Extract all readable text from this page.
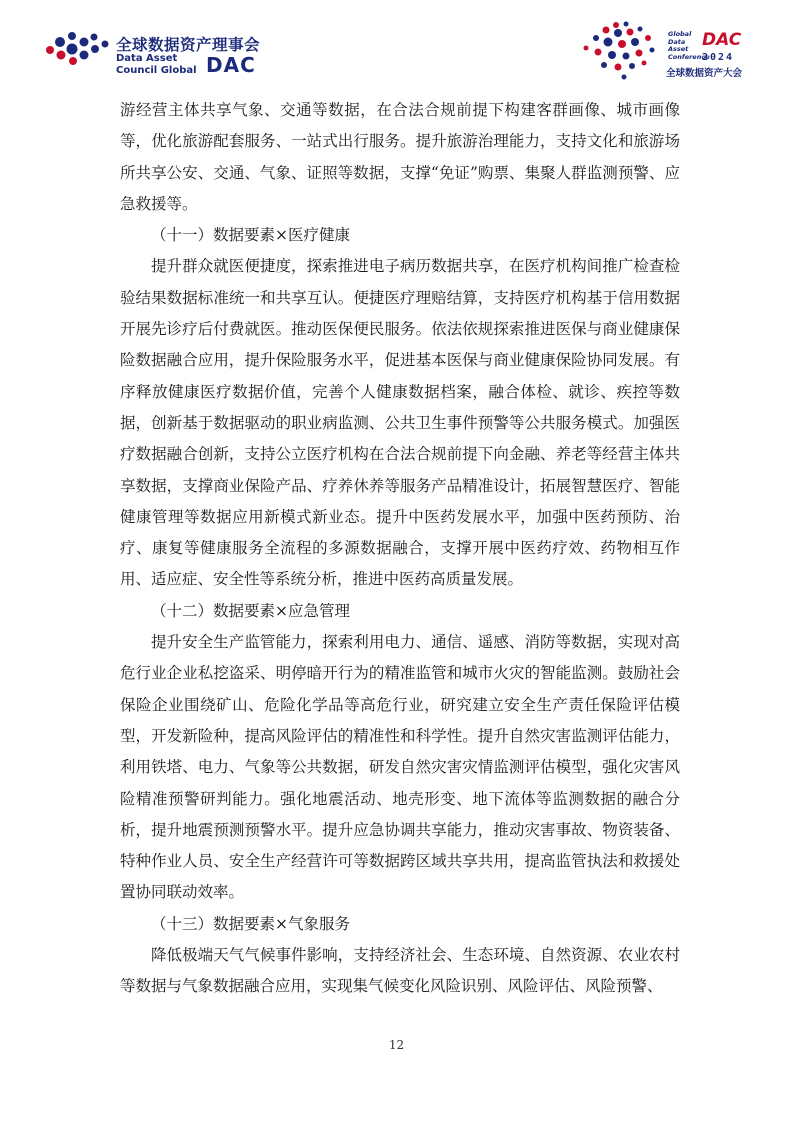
全球数据资产理事会
Data Asset
Council Global DAC
Global
Data
Asset
Conference
DAC
2024
全球数据资产大会

游经营主体共享气象、交通等数据，在合法合规前提下构建客群画像、城市画像等，优化旅游配套服务、一站式出行服务。提升旅游治理能力，支持文化和旅游场所共享公安、交通、气象、证照等数据，支撑“免证”购票、集聚人群监测预警、应急救援等。

（十一）数据要素×医疗健康

提升群众就医便捷度，探索推进电子病历数据共享，在医疗机构间推广检查检验结果数据标准统一和共享互认。便捷医疗理赔结算，支持医疗机构基于信用数据开展先诊疗后付费就医。推动医保便民服务。依法依规探索推进医保与商业健康保险数据融合应用，提升保险服务水平，促进基本医保与商业健康保险协同发展。有序释放健康医疗数据价值，完善个人健康数据档案，融合体检、就诊、疾控等数据，创新基于数据驱动的职业病监测、公共卫生事件预警等公共服务模式。加强医疗数据融合创新，支持公立医疗机构在合法合规前提下向金融、养老等经营主体共享数据，支撑商业保险产品、疗养休养等服务产品精准设计，拓展智慧医疗、智能健康管理等数据应用新模式新业态。提升中医药发展水平，加强中医药预防、治疗、康复等健康服务全流程的多源数据融合，支撑开展中医药疗效、药物相互作用、适应症、安全性等系统分析，推进中医药高质量发展。

（十二）数据要素×应急管理

提升安全生产监管能力，探索利用电力、通信、遥感、消防等数据，实现对高危行业企业私挖盗采、明停暗开行为的精准监管和城市火灾的智能监测。鼓励社会保险企业围绕矿山、危险化学品等高危行业，研究建立安全生产责任保险评估模型，开发新险种，提高风险评估的精准性和科学性。提升自然灾害监测评估能力，利用铁塔、电力、气象等公共数据，研发自然灾害灾情监测评估模型，强化灾害风险精准预警研判能力。强化地震活动、地壳形变、地下流体等监测数据的融合分析，提升地震预测预警水平。提升应急协调共享能力，推动灾害事故、物资装备、特种作业人员、安全生产经营许可等数据跨区域共享共用，提高监管执法和救援处置协同联动效率。

（十三）数据要素×气象服务

降低极端天气气候事件影响，支持经济社会、生态环境、自然资源、农业农村等数据与气象数据融合应用，实现集气候变化风险识别、风险评估、风险预警、

12
